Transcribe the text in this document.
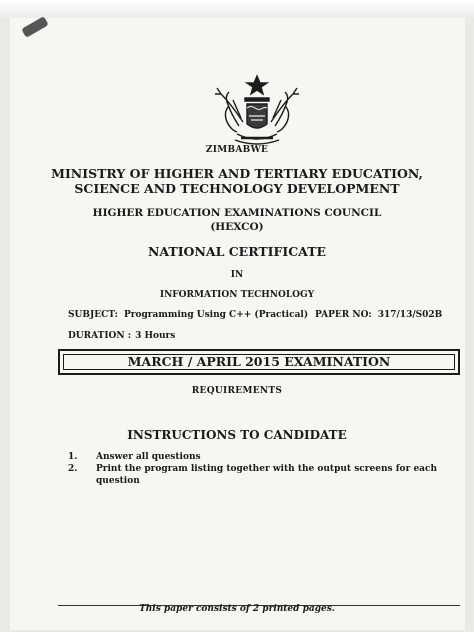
ZIMBABWE
MINISTRY OF HIGHER AND TERTIARY EDUCATION,
SCIENCE AND TECHNOLOGY DEVELOPMENT
HIGHER EDUCATION EXAMINATIONS COUNCIL
(HEXCO)
NATIONAL CERTIFICATE
IN
INFORMATION TECHNOLOGY
SUBJECT: Programming Using C++ (Practical) PAPER NO: 317/13/S02B
DURATION : 3 Hours
MARCH / APRIL 2015 EXAMINATION
REQUIREMENTS
INSTRUCTIONS TO CANDIDATE
1. Answer all questions
2. Print the program listing together with the output screens for each
question
This paper consists of 2 printed pages.
